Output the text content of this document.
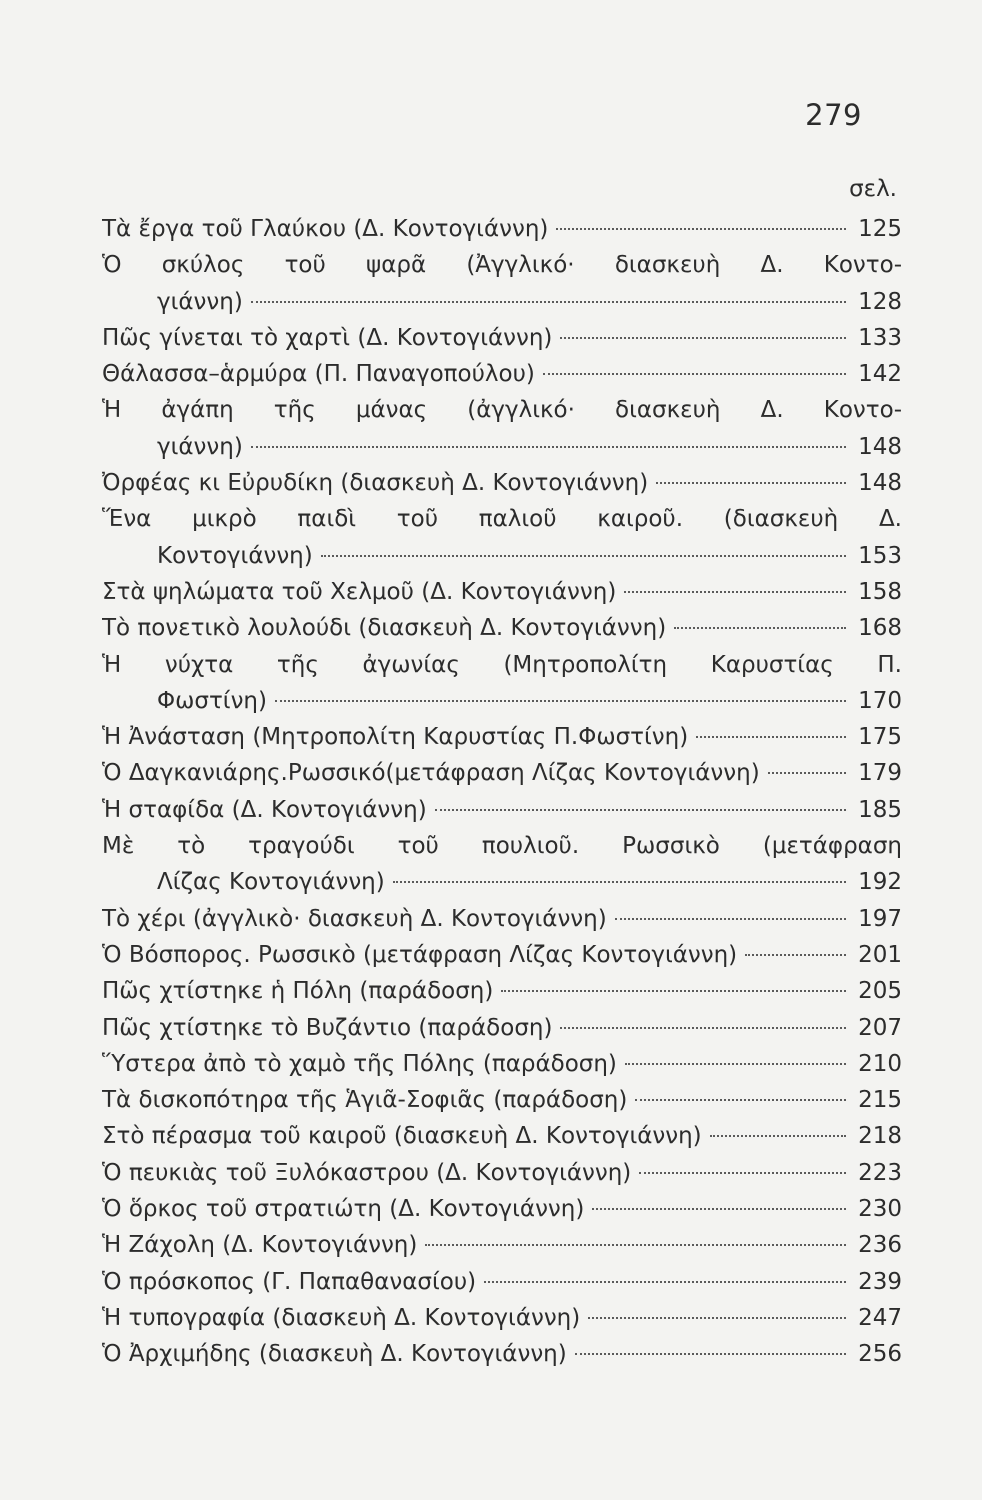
279
σελ.
Τὰ ἔργα τοῦ Γλαύκου (Δ. Κοντογιάννη)	125
Ὁ σκύλος τοῦ ψαρᾶ (Ἀγγλικό· διασκευὴ Δ. Κοντο-
γιάννη)	128
Πῶς γίνεται τὸ χαρτὶ (Δ. Κοντογιάννη)	133
Θάλασσα–ἁρμύρα (Π. Παναγοπούλου)	142
Ἡ ἀγάπη τῆς μάνας (ἀγγλικό· διασκευὴ Δ. Κοντο-
γιάννη)	148
Ὀρφέας κι Εὐρυδίκη (διασκευὴ Δ. Κοντογιάννη)	148
Ἕνα μικρὸ παιδὶ τοῦ παλιοῦ καιροῦ. (διασκευὴ Δ.
Κοντογιάννη)	153
Στὰ ψηλώματα τοῦ Χελμοῦ (Δ. Κοντογιάννη)	158
Τὸ πονετικὸ λουλούδι (διασκευὴ Δ. Κοντογιάννη)	168
Ἡ νύχτα τῆς ἀγωνίας (Μητροπολίτη Καρυστίας Π.
Φωστίνη)	170
Ἡ Ἀνάσταση (Μητροπολίτη Καρυστίας Π.Φωστίνη)	175
Ὁ Δαγκανιάρης.Ρωσσικό(μετάφραση Λίζας Κοντογιάννη)	179
Ἡ σταφίδα (Δ. Κοντογιάννη)	185
Μὲ τὸ τραγούδι τοῦ πουλιοῦ. Ρωσσικὸ (μετάφραση
Λίζας Κοντογιάννη)	192
Τὸ χέρι (ἀγγλικὸ· διασκευὴ Δ. Κοντογιάννη)	197
Ὁ Βόσπορος. Ρωσσικὸ (μετάφραση Λίζας Κοντογιάννη)	201
Πῶς χτίστηκε ἡ Πόλη (παράδοση)	205
Πῶς χτίστηκε τὸ Βυζάντιο (παράδοση)	207
Ὕστερα ἀπὸ τὸ χαμὸ τῆς Πόλης (παράδοση)	210
Τὰ δισκοπότηρα τῆς Ἁγιᾶ-Σοφιᾶς (παράδοση)	215
Στὸ πέρασμα τοῦ καιροῦ (διασκευὴ Δ. Κοντογιάννη)	218
Ὁ πευκιὰς τοῦ Ξυλόκαστρου (Δ. Κοντογιάννη)	223
Ὁ ὅρκος τοῦ στρατιώτη (Δ. Κοντογιάννη)	230
Ἡ Ζάχολη (Δ. Κοντογιάννη)	236
Ὁ πρόσκοπος (Γ. Παπαθανασίου)	239
Ἡ τυπογραφία (διασκευὴ Δ. Κοντογιάννη)	247
Ὁ Ἀρχιμήδης (διασκευὴ Δ. Κοντογιάννη)	256
